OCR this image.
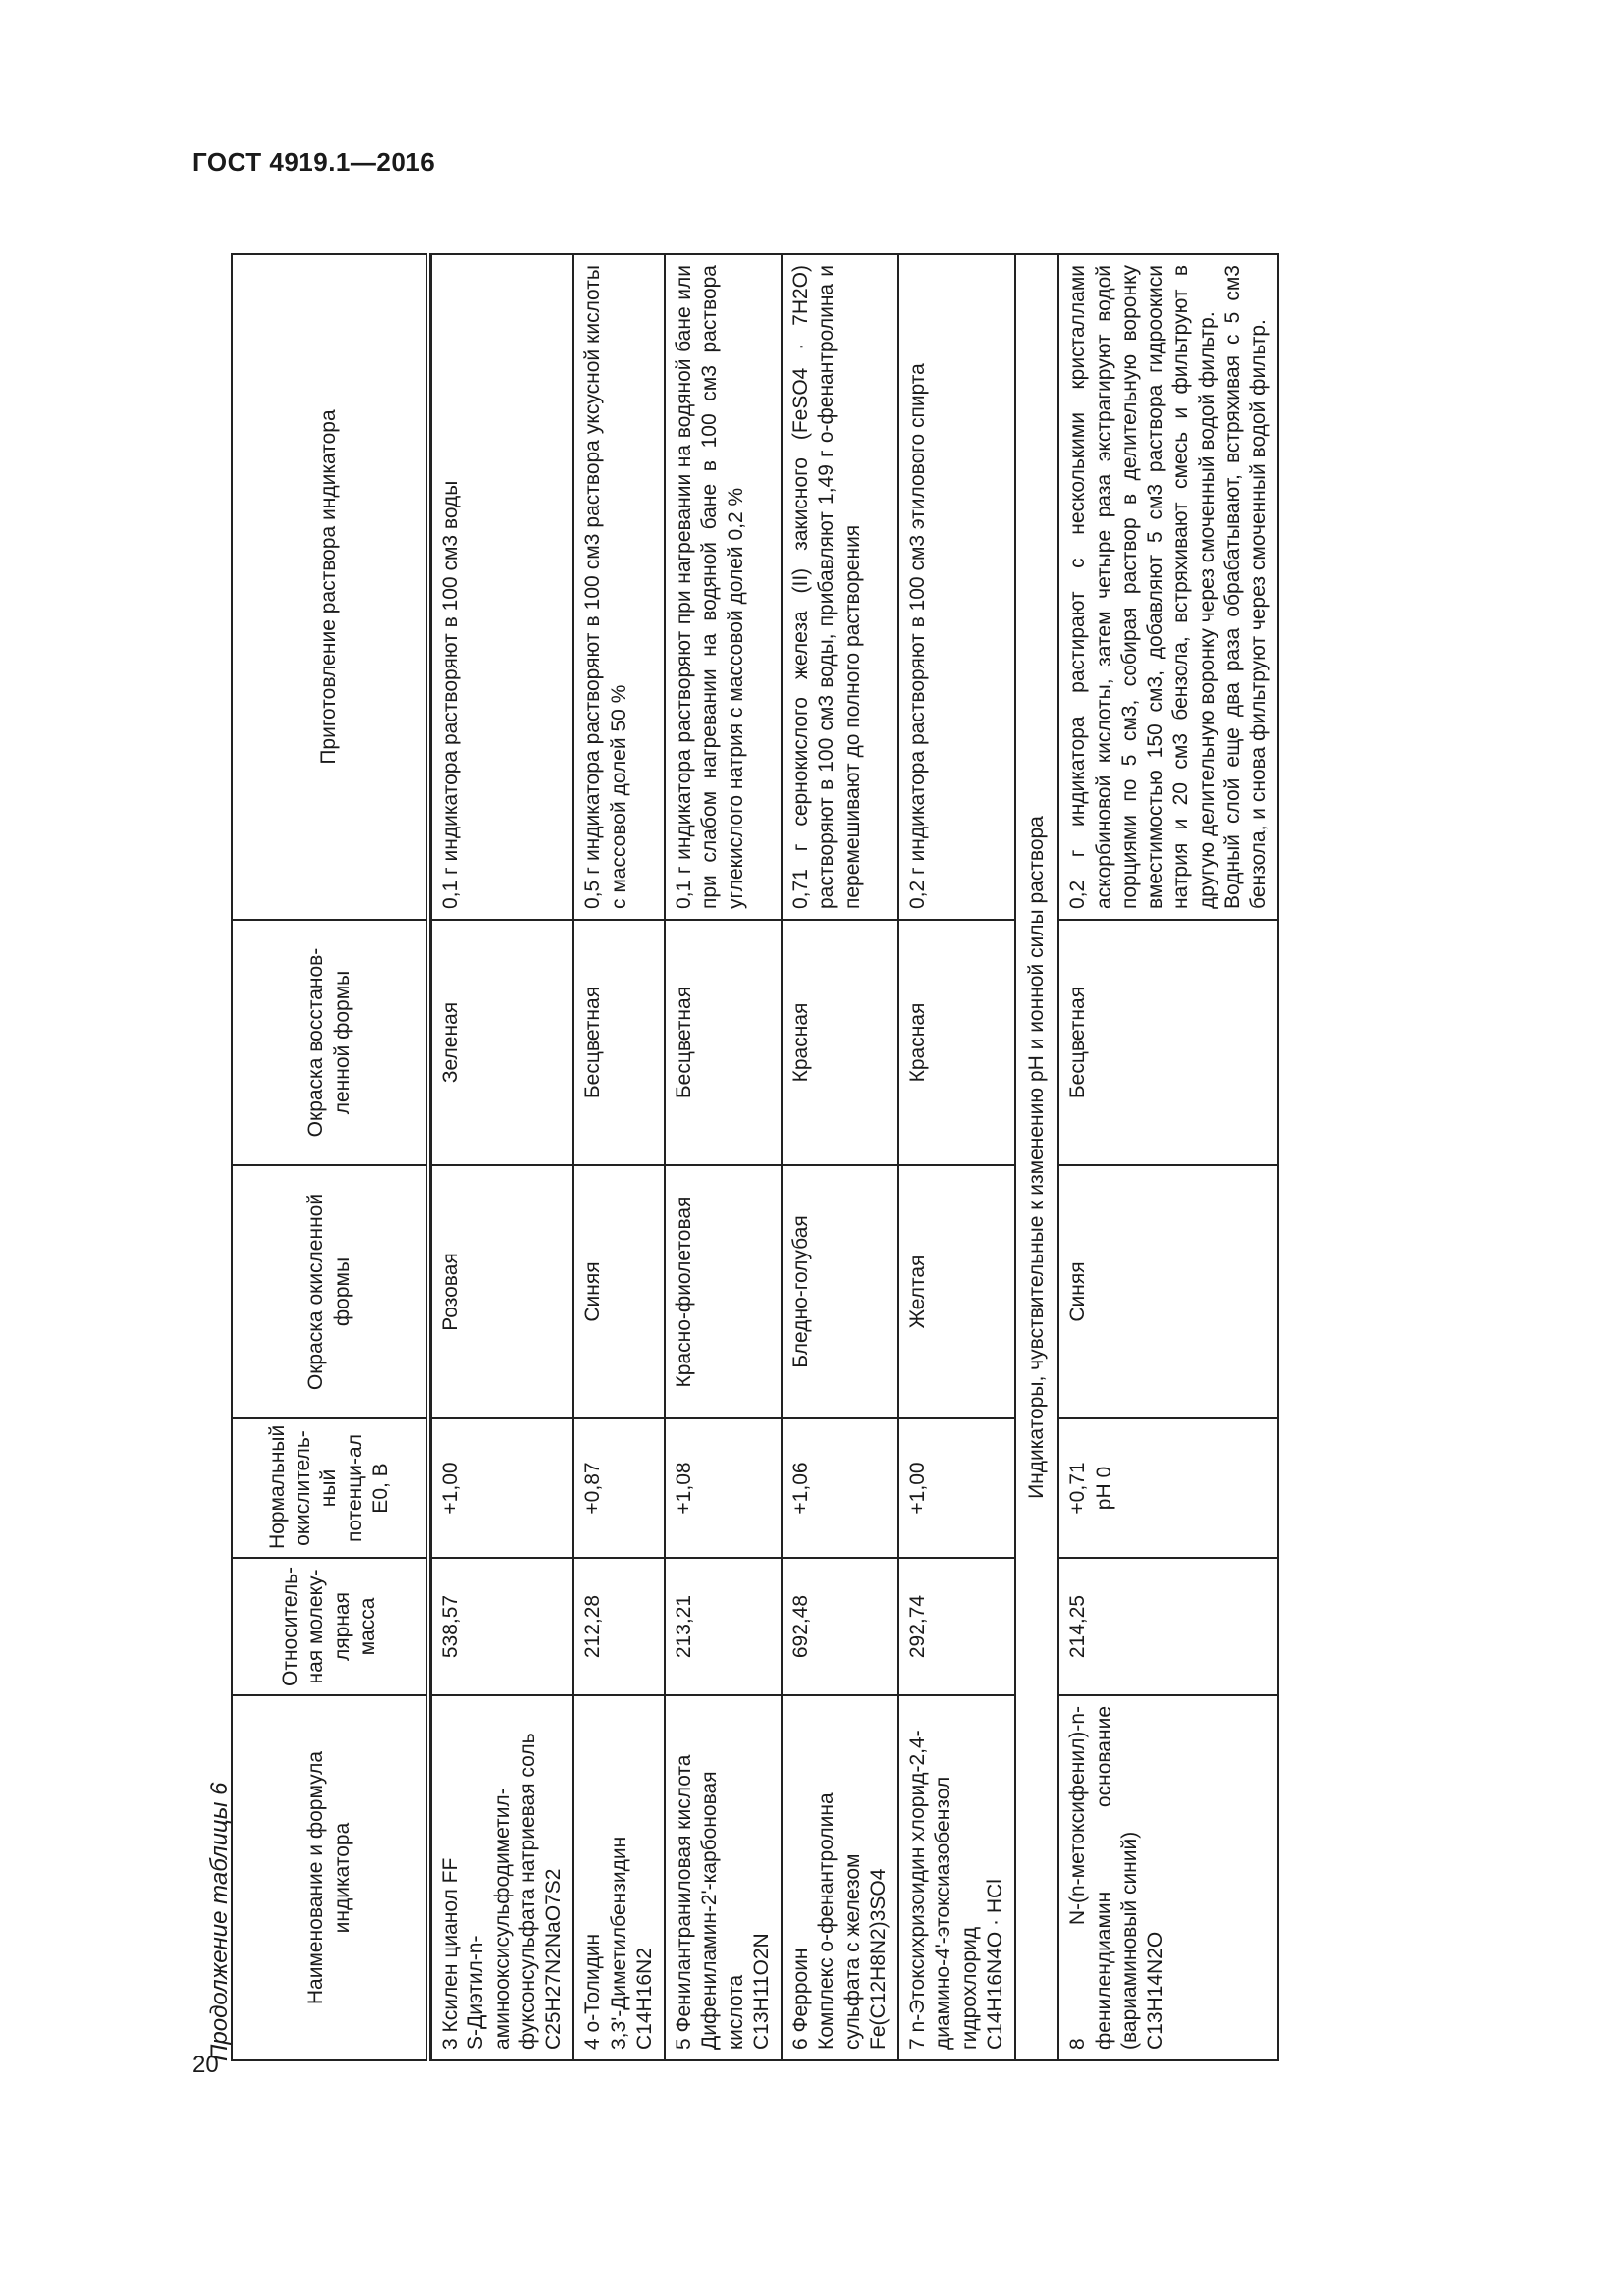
ГОСТ 4919.1—2016
20
Продолжение таблицы 6	Наименование и формула индикатора	Относитель-ная молеку-лярная масса	Нормальный окислитель-ный потенци-ал E0, В	Окраска окисленной формы	Окраска восстанов-ленной формы	Приготовление раствора индикатора

3 Ксилен цианол FF S-Диэтил-n-аминооксисульфодиметил-фуксонсульфата натриевая соль C25H27N2NaO7S2	538,57	+1,00	Розовая	Зеленая	0,1 г индикатора растворяют в 100 см3 воды

4 о-Толидин 3,3'-Диметилбензидин C14H16N2	212,28	+0,87	Синяя	Бесцветная	0,5 г индикатора растворяют в 100 см3 раствора уксусной кислоты с массовой долей 50 %

5 Фенилантраниловая кислота Дифениламин-2'-карбоновая кислота C13H11O2N	213,21	+1,08	Красно-фиолетовая	Бесцветная	0,1 г индикатора растворяют при нагревании на водяной бане или при слабом нагревании на водяной бане в 100 см3 раствора углекислого натрия с массовой долей 0,2 %

6 Ферроин Комплекс о-фенантролина сульфата с железом Fe(C12H8N2)3SO4	692,48	+1,06	Бледно-голубая	Красная	0,71 г сернокислого железа (II) закисного (FeSO4 · 7H2O) растворяют в 100 см3 воды, прибавляют 1,49 г о-фенантролина и перемешивают до полного растворения

7 n-Этоксихризоидин хлорид-2,4-диамино-4'-этоксиазобензол гидрохлорид C14H16N4O · HCl	292,74	+1,00	Желтая	Красная	0,2 г индикатора растворяют в 100 см3 этилового спирта
Индикаторы, чувствительные к изменению pH и ионной силы раствора					

8 N-(n-метоксифенил)-n-фенилендиамин основание (вариаминовый синий) C13H14N2O	214,25	+0,71 pH 0	Синяя	Бесцветная	0,2 г индикатора растирают с несколькими кристаллами аскорбиновой кислоты, затем четыре раза экстрагируют водой порциями по 5 см3, собирая раствор в делительную воронку вместимостью 150 см3, добавляют 5 см3 раствора гидроокиси натрия и 20 см3 бензола, встряхивают смесь и фильтруют в другую делительную воронку через смоченный водой фильтр. Водный слой еще два раза обрабатывают, встряхивая с 5 см3 бензола, и снова фильтруют через смоченный водой фильтр.
